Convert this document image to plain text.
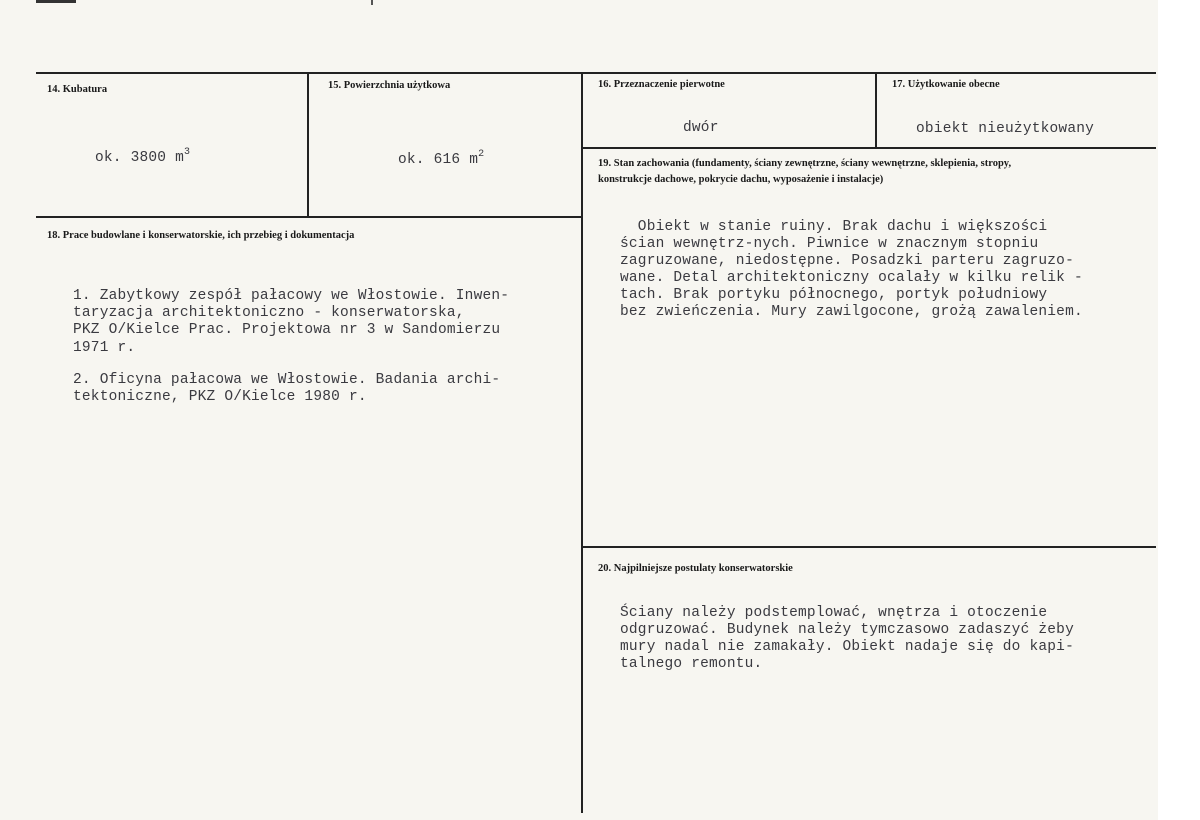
14. Kubatura
ok. 3800 $m^3$
15. Powierzchnia użytkowa
ok. 616 $m^2$
16. Przeznaczenie pierwotne
dwór
17. Użytkowanie obecne
obiekt nieużytkowany
18. Prace budowlane i konserwatorskie, ich przebieg i dokumentacja
1. Zabytkowy zespół pałacowy we Włostowie. Inwen-
taryzacja architektoniczno - konserwatorska,
PKZ O/Kielce Prac. Projektowa nr 3 w Sandomierzu
1971 r.
2. Oficyna pałacowa we Włostowie. Badania archi-
tektoniczne, PKZ O/Kielce 1980 r.
19. Stan zachowania (fundamenty, ściany zewnętrzne, ściany wewnętrzne, sklepienia, stropy,
konstrukcje dachowe, pokrycie dachu, wyposażenie i instalacje)
Obiekt w stanie ruiny. Brak dachu i większości
ścian wewnętrz-nych. Piwnice w znacznym stopniu
zagruzowane, niedostępne. Posadzki parteru zagruzo-
wane. Detal architektoniczny ocalały w kilku relik -
tach. Brak portyku północnego, portyk południowy
bez zwieńczenia. Mury zawilgocone, grożą zawaleniem.
20. Najpilniejsze postulaty konserwatorskie
Ściany należy podstemplować, wnętrza i otoczenie
odgruzować. Budynek należy tymczasowo zadaszyć żeby
mury nadal nie zamakały. Obiekt nadaje się do kapi-
talnego remontu.
